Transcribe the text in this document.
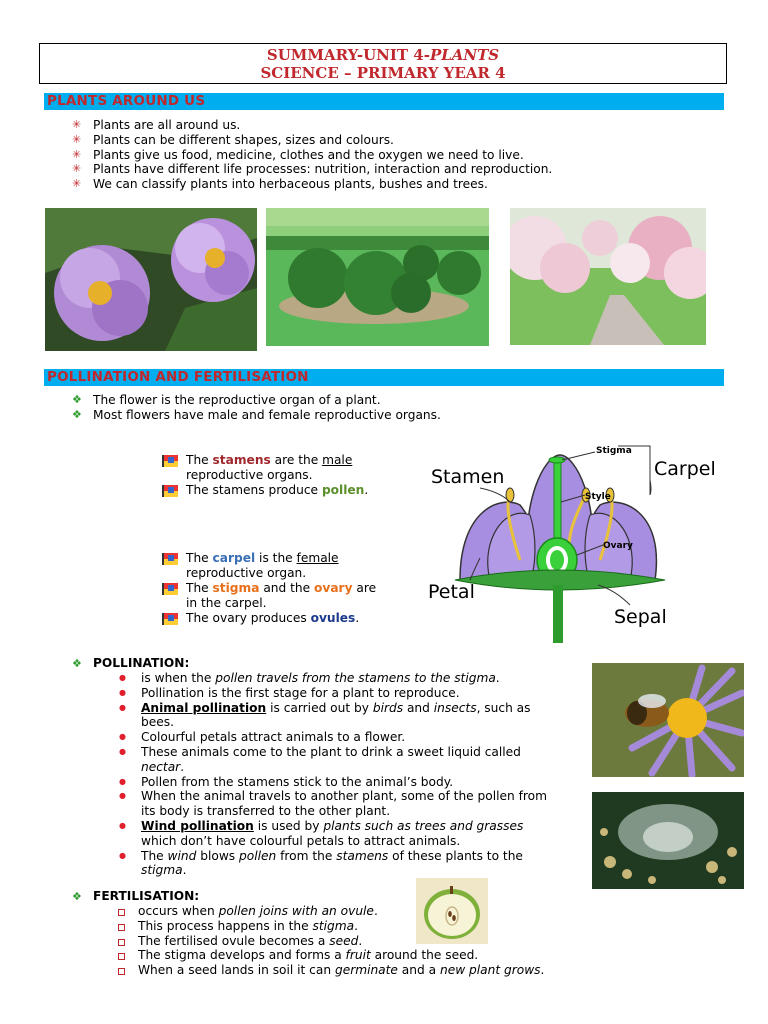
SUMMARY-UNIT 4-PLANTS
SCIENCE – PRIMARY YEAR 4
PLANTS AROUND US
✳ Plants are all around us.
✳ Plants can be different shapes, sizes and colours.
✳ Plants give us food, medicine, clothes and the oxygen we need to live.
✳ Plants have different life processes: nutrition, interaction and reproduction.
✳ We can classify plants into herbaceous plants, bushes and trees.
POLLINATION AND FERTILISATION
❖ The flower is the reproductive organ of a plant.
❖ Most flowers have male and female reproductive organs.
The stamens are the male
reproductive organs.
The stamens produce pollen.
The carpel is the female
reproductive organ.
The stigma and the ovary are
in the carpel.
The ovary produces ovules.
Stamen	Carpel
Stigma
Style
Ovary
Petal
Sepal
❖ POLLINATION:
● is when the pollen travels from the stamens to the stigma.
● Pollination is the first stage for a plant to reproduce.
● Animal pollination is carried out by birds and insects, such as
bees.
● Colourful petals attract animals to a flower.
● These animals come to the plant to drink a sweet liquid called
nectar.
● Pollen from the stamens stick to the animal’s body.
● When the animal travels to another plant, some of the pollen from
its body is transferred to the other plant.
● Wind pollination is used by plants such as trees and grasses
which don’t have colourful petals to attract animals.
● The wind blows pollen from the stamens of these plants to the
stigma.
❖ FERTILISATION:
occurs when pollen joins with an ovule.
This process happens in the stigma.
The fertilised ovule becomes a seed.
The stigma develops and forms a fruit around the seed.
When a seed lands in soil it can germinate and a new plant grows.
